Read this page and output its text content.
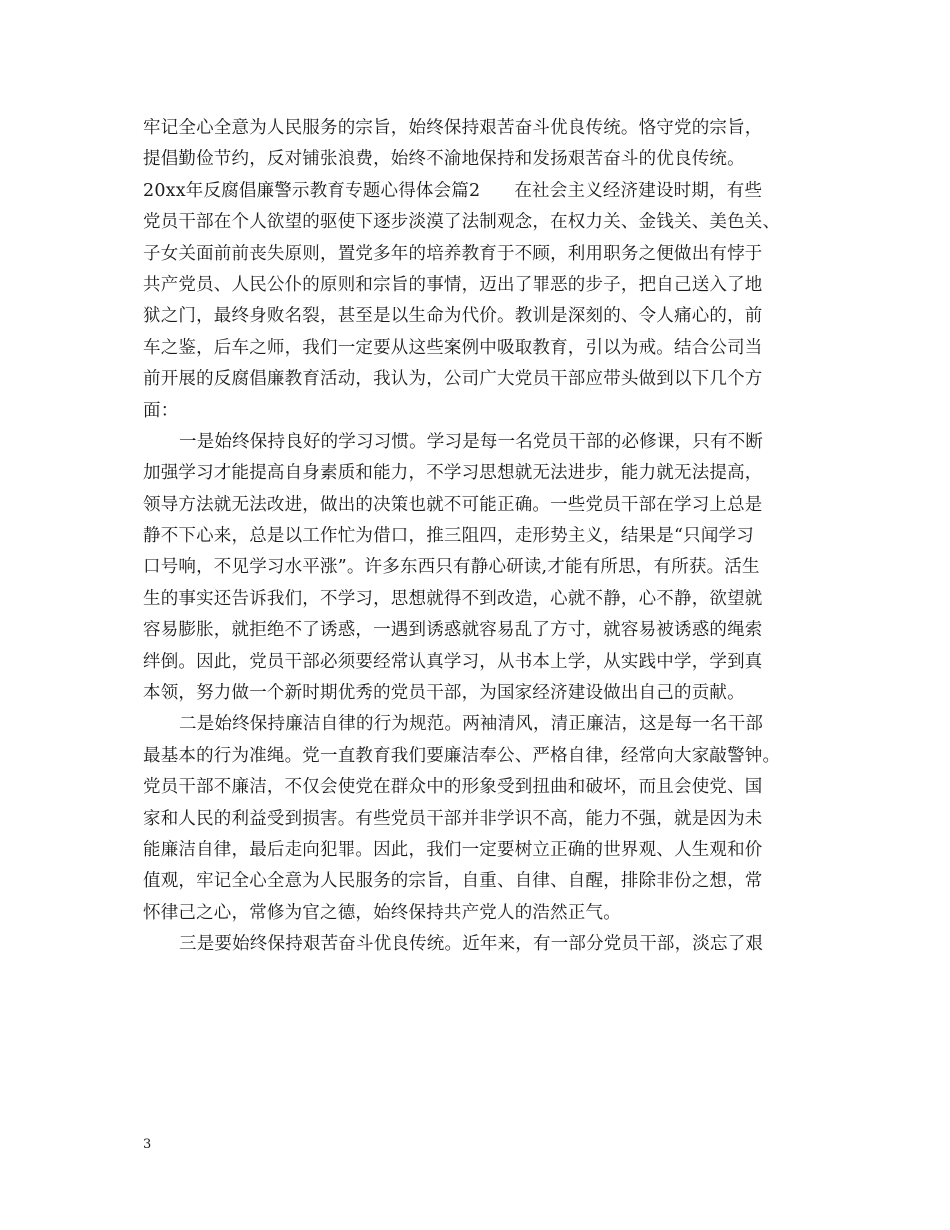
牢记全心全意为人民服务的宗旨，始终保持艰苦奋斗优良传统。恪守党的宗旨，
提倡勤俭节约，反对铺张浪费，始终不渝地保持和发扬艰苦奋斗的优良传统。
20xx年反腐倡廉警示教育专题心得体会篇2 在社会主义经济建设时期，有些
党员干部在个人欲望的驱使下逐步淡漠了法制观念，在权力关、金钱关、美色关、
子女关面前前丧失原则，置党多年的培养教育于不顾，利用职务之便做出有悖于
共产党员、人民公仆的原则和宗旨的事情，迈出了罪恶的步子，把自己送入了地
狱之门，最终身败名裂，甚至是以生命为代价。教训是深刻的、令人痛心的，前
车之鉴，后车之师，我们一定要从这些案例中吸取教育，引以为戒。结合公司当
前开展的反腐倡廉教育活动，我认为，公司广大党员干部应带头做到以下几个方
面：
一是始终保持良好的学习习惯。学习是每一名党员干部的必修课，只有不断
加强学习才能提高自身素质和能力，不学习思想就无法进步，能力就无法提高，
领导方法就无法改进，做出的决策也就不可能正确。一些党员干部在学习上总是
静不下心来，总是以工作忙为借口，推三阻四，走形势主义，结果是“只闻学习
口号响，不见学习水平涨”。许多东西只有静心研读,才能有所思，有所获。活生
生的事实还告诉我们，不学习，思想就得不到改造，心就不静，心不静，欲望就
容易膨胀，就拒绝不了诱惑，一遇到诱惑就容易乱了方寸，就容易被诱惑的绳索
绊倒。因此，党员干部必须要经常认真学习，从书本上学，从实践中学，学到真
本领，努力做一个新时期优秀的党员干部，为国家经济建设做出自己的贡献。
二是始终保持廉洁自律的行为规范。两袖清风，清正廉洁，这是每一名干部
最基本的行为准绳。党一直教育我们要廉洁奉公、严格自律，经常向大家敲警钟。
党员干部不廉洁，不仅会使党在群众中的形象受到扭曲和破坏，而且会使党、国
家和人民的利益受到损害。有些党员干部并非学识不高，能力不强，就是因为未
能廉洁自律，最后走向犯罪。因此，我们一定要树立正确的世界观、人生观和价
值观，牢记全心全意为人民服务的宗旨，自重、自律、自醒，排除非份之想，常
怀律己之心，常修为官之德，始终保持共产党人的浩然正气。
三是要始终保持艰苦奋斗优良传统。近年来，有一部分党员干部，淡忘了艰
3
